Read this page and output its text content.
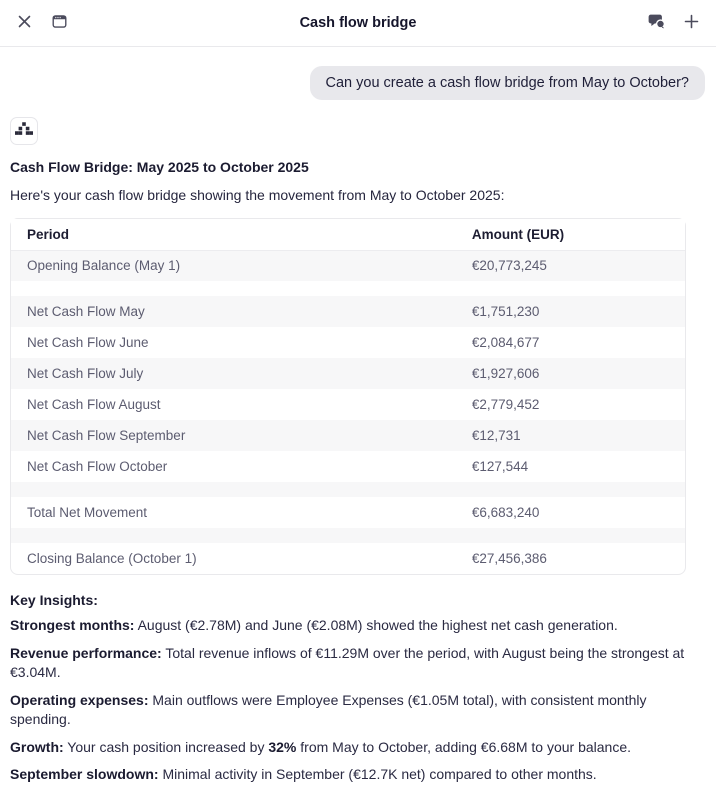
Cash flow bridge
Can you create a cash flow bridge from May to October?
Cash Flow Bridge: May 2025 to October 2025

Here's your cash flow bridge showing the movement from May to October 2025:

Period	Amount (EUR)
Opening Balance (May 1)	€20,773,245

Net Cash Flow May	€1,751,230
Net Cash Flow June	€2,084,677
Net Cash Flow July	€1,927,606
Net Cash Flow August	€2,779,452
Net Cash Flow September	€12,731
Net Cash Flow October	€127,544

Total Net Movement	€6,683,240

Closing Balance (October 1)	€27,456,386
Key Insights:

Strongest months: August (€2.78M) and June (€2.08M) showed the highest net cash generation.

Revenue performance: Total revenue inflows of €11.29M over the period, with August being the strongest at €3.04M.

Operating expenses: Main outflows were Employee Expenses (€1.05M total), with consistent monthly spending.

Growth: Your cash position increased by 32% from May to October, adding €6.68M to your balance.

September slowdown: Minimal activity in September (€12.7K net) compared to other months.
